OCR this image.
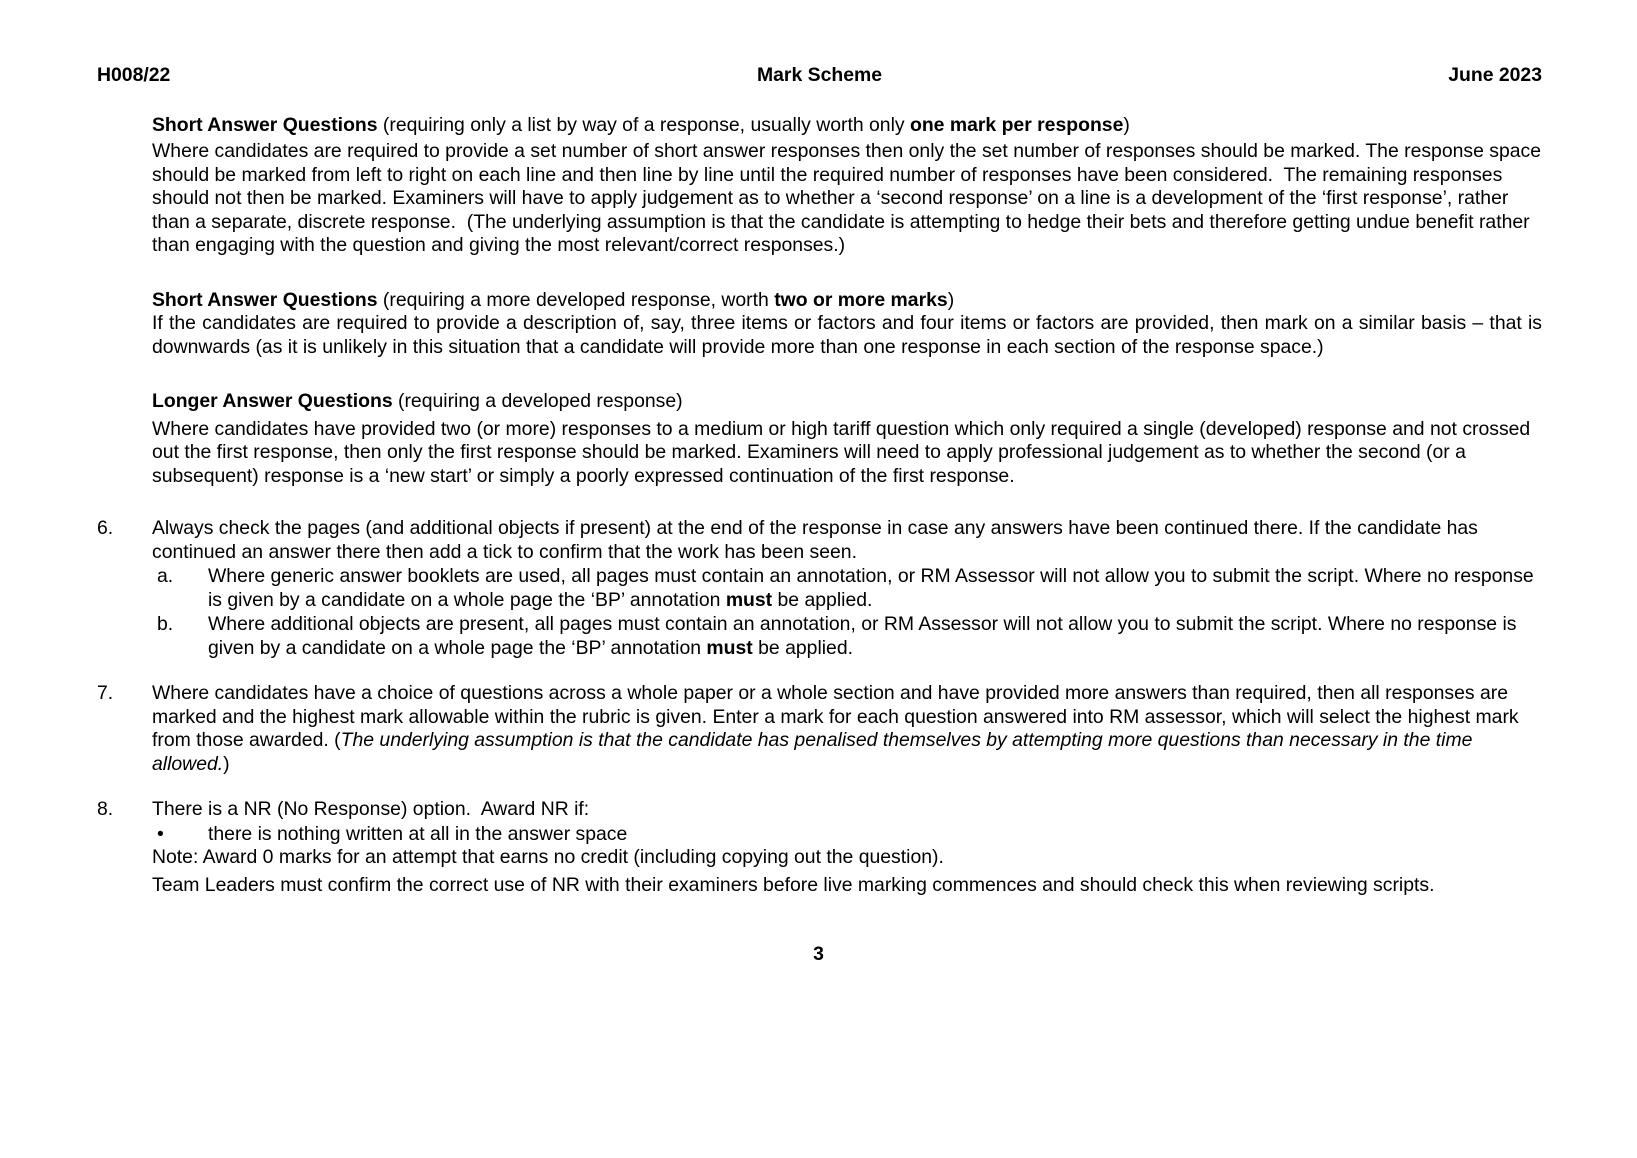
H008/22	Mark Scheme	June 2023
Short Answer Questions (requiring only a list by way of a response, usually worth only one mark per response)
Where candidates are required to provide a set number of short answer responses then only the set number of responses should be marked. The response space should be marked from left to right on each line and then line by line until the required number of responses have been considered.  The remaining responses should not then be marked. Examiners will have to apply judgement as to whether a ‘second response’ on a line is a development of the ‘first response’, rather than a separate, discrete response.  (The underlying assumption is that the candidate is attempting to hedge their bets and therefore getting undue benefit rather than engaging with the question and giving the most relevant/correct responses.)
Short Answer Questions (requiring a more developed response, worth two or more marks)
If the candidates are required to provide a description of, say, three items or factors and four items or factors are provided, then mark on a similar basis – that is downwards (as it is unlikely in this situation that a candidate will provide more than one response in each section of the response space.)
Longer Answer Questions (requiring a developed response)
Where candidates have provided two (or more) responses to a medium or high tariff question which only required a single (developed) response and not crossed out the first response, then only the first response should be marked. Examiners will need to apply professional judgement as to whether the second (or a subsequent) response is a ‘new start’ or simply a poorly expressed continuation of the first response.
6. Always check the pages (and additional objects if present) at the end of the response in case any answers have been continued there. If the candidate has continued an answer there then add a tick to confirm that the work has been seen.
a. Where generic answer booklets are used, all pages must contain an annotation, or RM Assessor will not allow you to submit the script. Where no response is given by a candidate on a whole page the ‘BP’ annotation must be applied.
b. Where additional objects are present, all pages must contain an annotation, or RM Assessor will not allow you to submit the script. Where no response is given by a candidate on a whole page the ‘BP’ annotation must be applied.
7. Where candidates have a choice of questions across a whole paper or a whole section and have provided more answers than required, then all responses are marked and the highest mark allowable within the rubric is given. Enter a mark for each question answered into RM assessor, which will select the highest mark from those awarded. (The underlying assumption is that the candidate has penalised themselves by attempting more questions than necessary in the time allowed.)
8. There is a NR (No Response) option.  Award NR if:
• there is nothing written at all in the answer space
Note: Award 0 marks for an attempt that earns no credit (including copying out the question).
Team Leaders must confirm the correct use of NR with their examiners before live marking commences and should check this when reviewing scripts.
3
